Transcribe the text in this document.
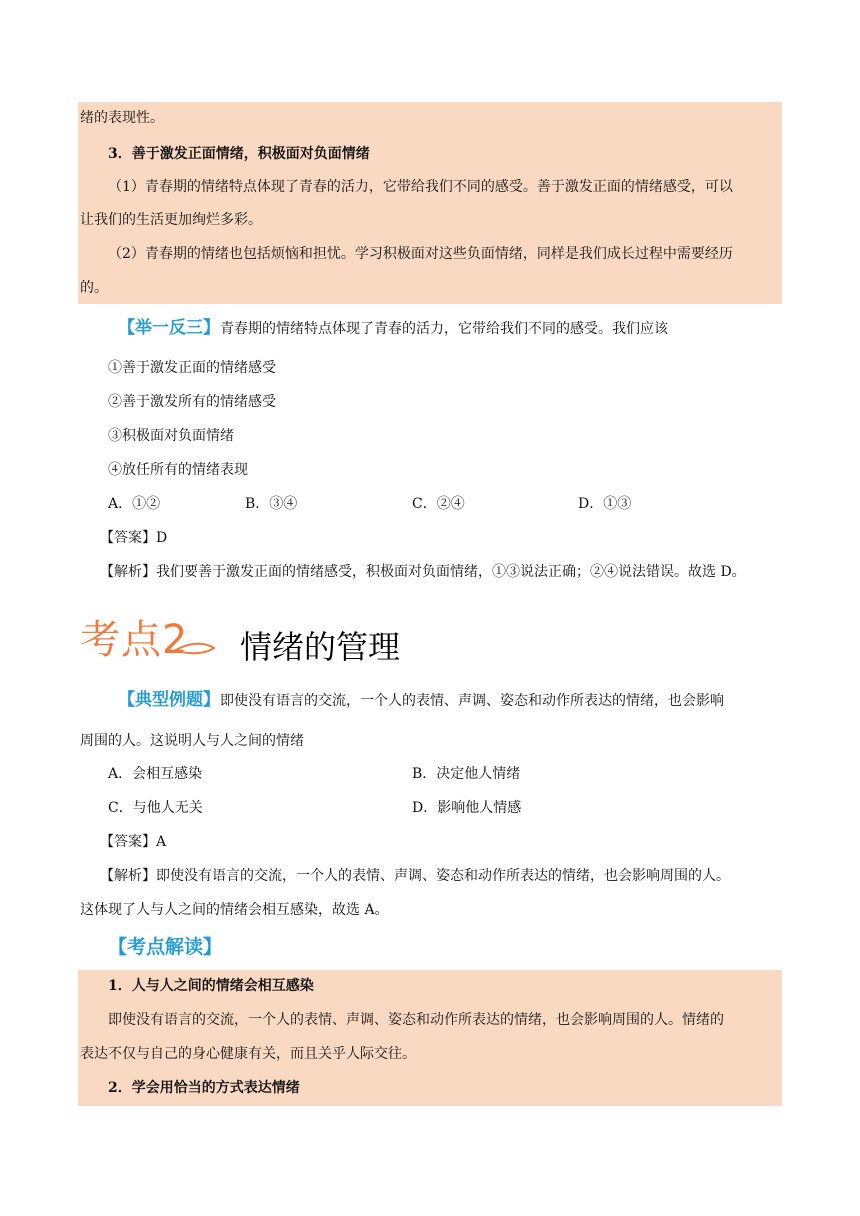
绪的表现性。
3．善于激发正面情绪，积极面对负面情绪
（1）青春期的情绪特点体现了青春的活力，它带给我们不同的感受。善于激发正面的情绪感受，可以
让我们的生活更加绚烂多彩。
（2）青春期的情绪也包括烦恼和担忧。学习积极面对这些负面情绪，同样是我们成长过程中需要经历
的。
【举一反三】青春期的情绪特点体现了青春的活力，它带给我们不同的感受。我们应该
①善于激发正面的情绪感受
②善于激发所有的情绪感受
③积极面对负面情绪
④放任所有的情绪表现
A．①②	B．③④	C．②④	D．①③
【答案】D
【解析】我们要善于激发正面的情绪感受，积极面对负面情绪，①③说法正确；②④说法错误。故选 D。
考点2 情绪的管理
【典型例题】即使没有语言的交流，一个人的表情、声调、姿态和动作所表达的情绪，也会影响
周围的人。这说明人与人之间的情绪
A．会相互感染	B．决定他人情绪
C．与他人无关	D．影响他人情感
【答案】A
【解析】即使没有语言的交流，一个人的表情、声调、姿态和动作所表达的情绪，也会影响周围的人。
这体现了人与人之间的情绪会相互感染，故选 A。
【考点解读】
1．人与人之间的情绪会相互感染
即使没有语言的交流，一个人的表情、声调、姿态和动作所表达的情绪，也会影响周围的人。情绪的
表达不仅与自己的身心健康有关，而且关乎人际交往。
2．学会用恰当的方式表达情绪
